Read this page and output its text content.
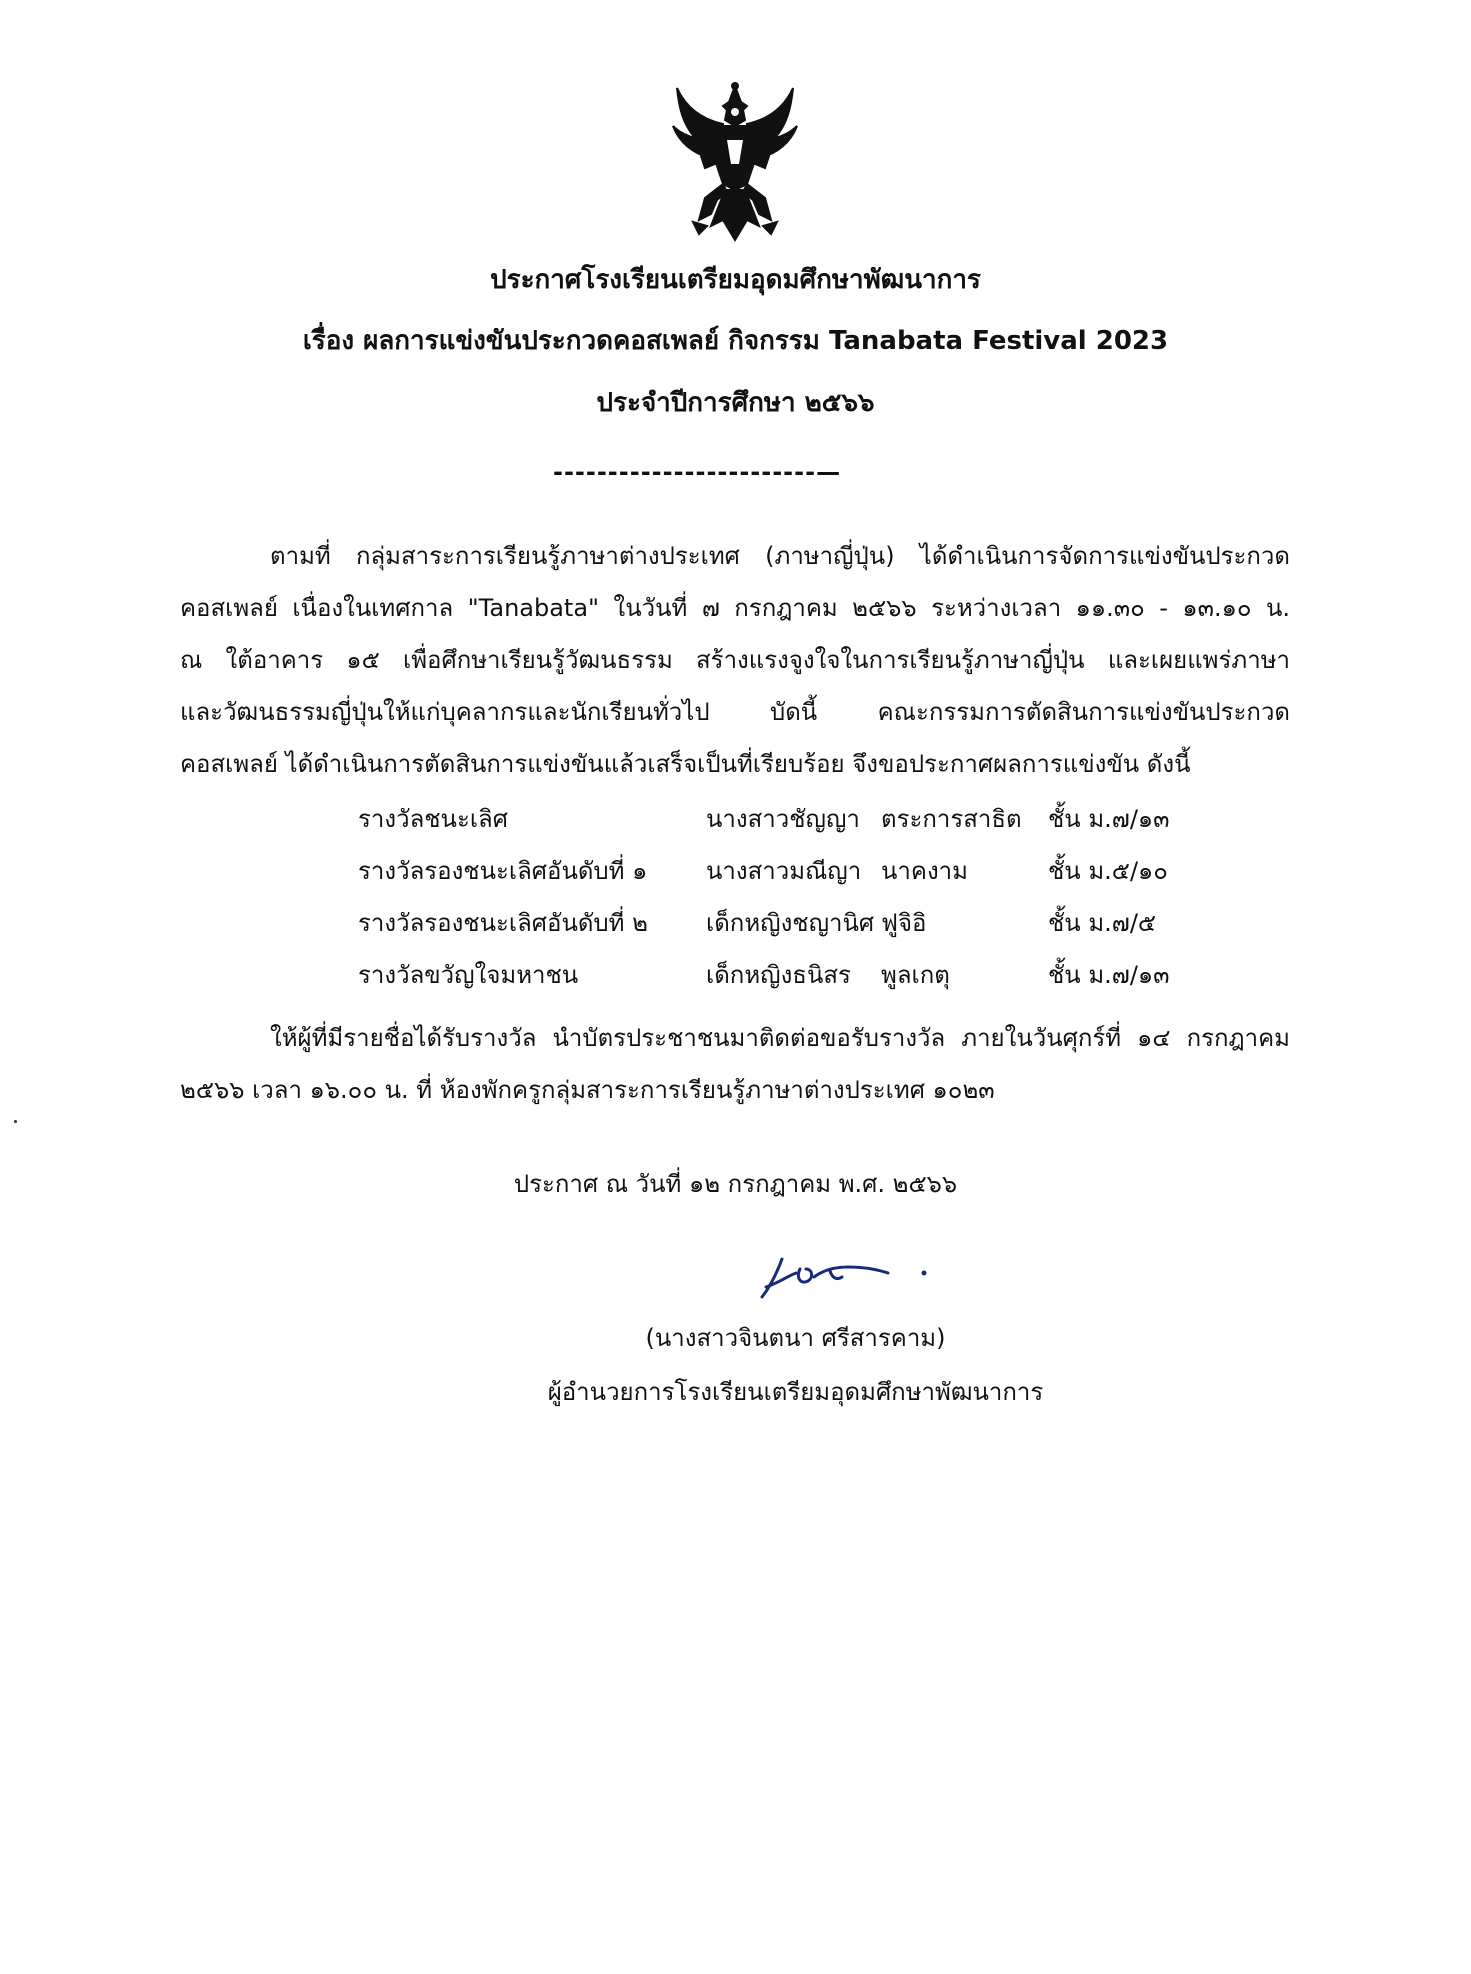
ประกาศโรงเรียนเตรียมอุดมศึกษาพัฒนาการ
เรื่อง ผลการแข่งขันประกวดคอสเพลย์ กิจกรรม Tanabata Festival 2023
ประจำปีการศึกษา ๒๕๖๖
------------------------—
ตามที่ กลุ่มสาระการเรียนรู้ภาษาต่างประเทศ (ภาษาญี่ปุ่น) ได้ดำเนินการจัดการแข่งขันประกวด
คอสเพลย์ เนื่องในเทศกาล "Tanabata" ในวันที่ ๗ กรกฎาคม ๒๕๖๖ ระหว่างเวลา ๑๑.๓๐ - ๑๓.๑๐ น.
ณ ใต้อาคาร ๑๕ เพื่อศึกษาเรียนรู้วัฒนธรรม สร้างแรงจูงใจในการเรียนรู้ภาษาญี่ปุ่น และเผยแพร่ภาษา
และวัฒนธรรมญี่ปุ่นให้แก่บุคลากรและนักเรียนทั่วไป บัดนี้ คณะกรรมการตัดสินการแข่งขันประกวด
คอสเพลย์ ได้ดำเนินการตัดสินการแข่งขันแล้วเสร็จเป็นที่เรียบร้อย จึงขอประกาศผลการแข่งขัน ดังนี้
รางวัลชนะเลิศ	นางสาวชัญญา ตระการสาธิต ชั้น ม.๗/๑๓
รางวัลรองชนะเลิศอันดับที่ ๑ นางสาวมณีญา นาคงาม	ชั้น ม.๕/๑๐
รางวัลรองชนะเลิศอันดับที่ ๒ เด็กหญิงชญานิศ ฟูจิอิ	ชั้น ม.๗/๕
รางวัลขวัญใจมหาชน	เด็กหญิงธนิสร พูลเกตุ	ชั้น ม.๗/๑๓
ให้ผู้ที่มีรายชื่อได้รับรางวัล นำบัตรประชาชนมาติดต่อขอรับรางวัล ภายในวันศุกร์ที่ ๑๔ กรกฎาคม
๒๕๖๖ เวลา ๑๖.๐๐ น. ที่ ห้องพักครูกลุ่มสาระการเรียนรู้ภาษาต่างประเทศ ๑๐๒๓
ประกาศ ณ วันที่ ๑๒ กรกฎาคม พ.ศ. ๒๕๖๖
(นางสาวจินตนา ศรีสารคาม)
ผู้อำนวยการโรงเรียนเตรียมอุดมศึกษาพัฒนาการ
